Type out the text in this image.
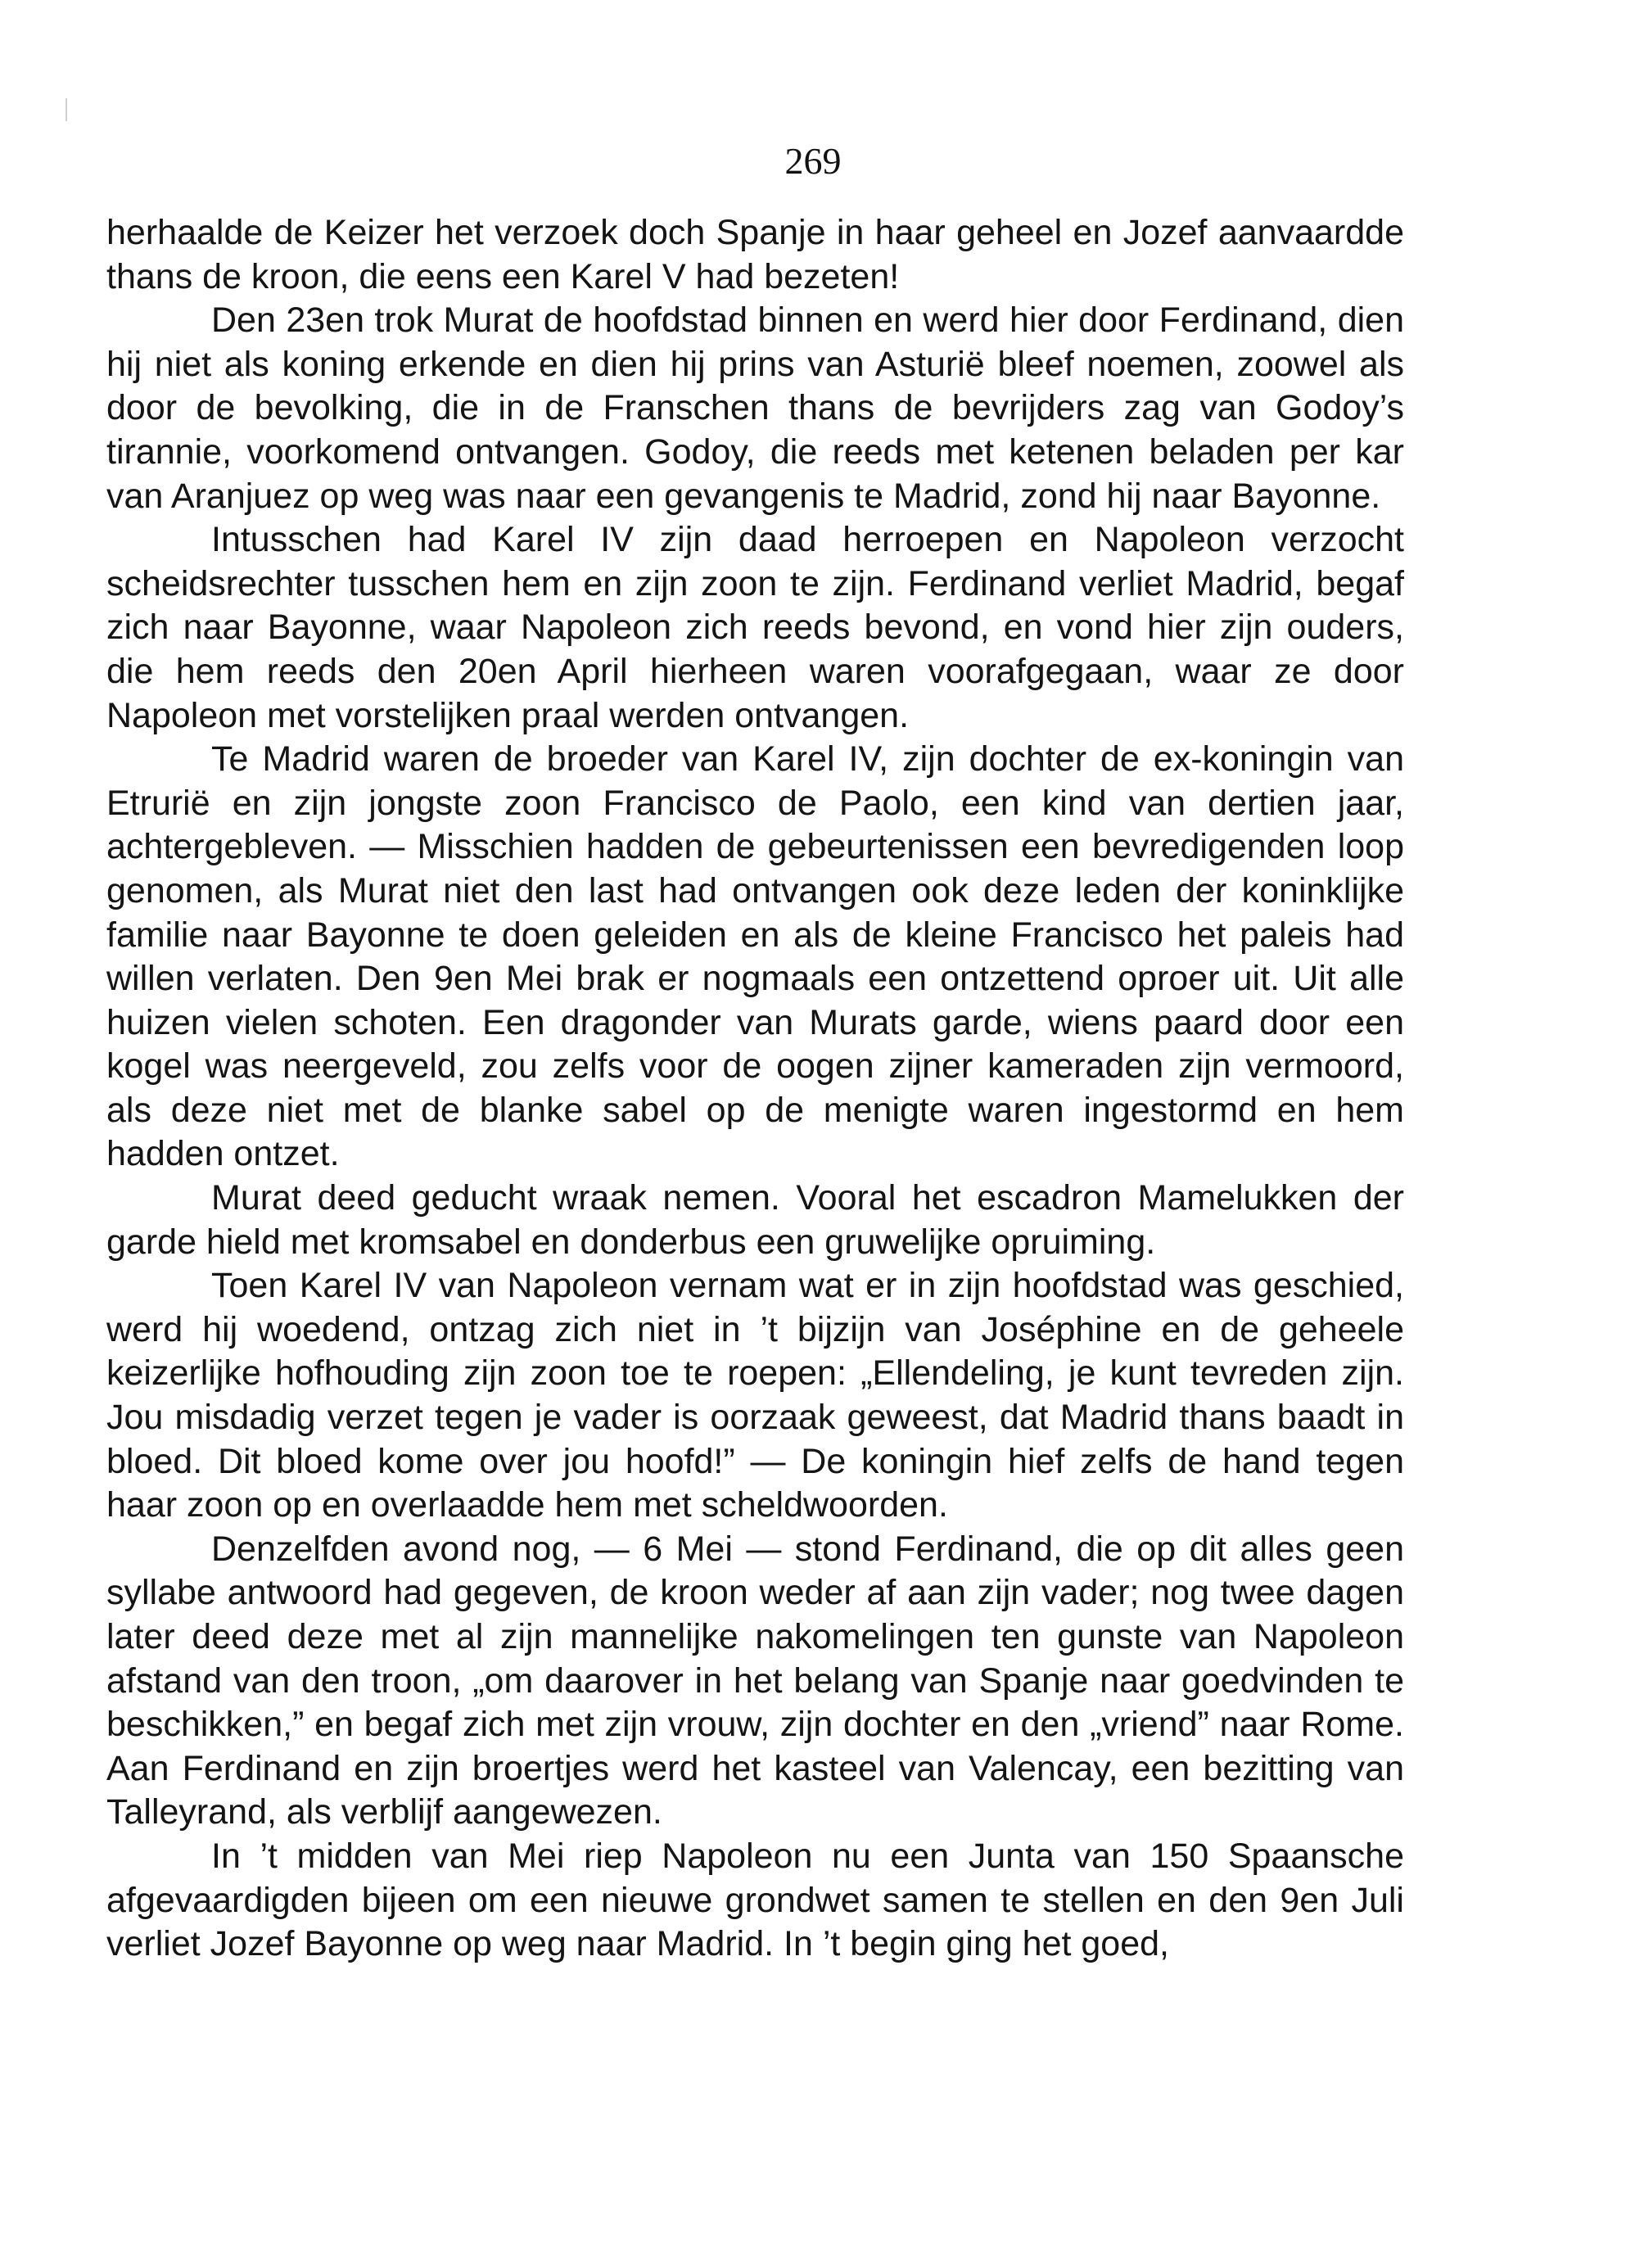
269

herhaalde de Keizer het verzoek doch Spanje in haar geheel en Jozef aanvaardde thans de kroon, die eens een Karel V had bezeten!

Den 23en trok Murat de hoofdstad binnen en werd hier door Ferdinand, dien hij niet als koning erkende en dien hij prins van Asturië bleef noemen, zoowel als door de bevolking, die in de Franschen thans de bevrijders zag van Godoy’s tirannie, voorkomend ontvangen. Godoy, die reeds met ketenen beladen per kar van Aranjuez op weg was naar een gevangenis te Madrid, zond hij naar Bayonne.

Intusschen had Karel IV zijn daad herroepen en Napoleon verzocht scheidsrechter tusschen hem en zijn zoon te zijn. Ferdinand verliet Madrid, begaf zich naar Bayonne, waar Napoleon zich reeds bevond, en vond hier zijn ouders, die hem reeds den 20en April hierheen waren voorafgegaan, waar ze door Napoleon met vorstelijken praal werden ontvangen.

Te Madrid waren de broeder van Karel IV, zijn dochter de ex-koningin van Etrurië en zijn jongste zoon Francisco de Paolo, een kind van dertien jaar, achtergebleven. — Misschien hadden de gebeurtenissen een bevredigenden loop genomen, als Murat niet den last had ontvangen ook deze leden der koninklijke familie naar Bayonne te doen geleiden en als de kleine Francisco het paleis had willen verlaten. Den 9en Mei brak er nogmaals een ontzettend oproer uit. Uit alle huizen vielen schoten. Een dragonder van Murats garde, wiens paard door een kogel was neergeveld, zou zelfs voor de oogen zijner kameraden zijn vermoord, als deze niet met de blanke sabel op de menigte waren ingestormd en hem hadden ontzet.

Murat deed geducht wraak nemen. Vooral het escadron Mamelukken der garde hield met kromsabel en donderbus een gruwelijke opruiming.

Toen Karel IV van Napoleon vernam wat er in zijn hoofdstad was geschied, werd hij woedend, ontzag zich niet in ’t bijzijn van Joséphine en de geheele keizerlijke hofhouding zijn zoon toe te roepen: „Ellendeling, je kunt tevreden zijn. Jou misdadig verzet tegen je vader is oorzaak geweest, dat Madrid thans baadt in bloed. Dit bloed kome over jou hoofd!” — De koningin hief zelfs de hand tegen haar zoon op en overlaadde hem met scheldwoorden.

Denzelfden avond nog, — 6 Mei — stond Ferdinand, die op dit alles geen syllabe antwoord had gegeven, de kroon weder af aan zijn vader; nog twee dagen later deed deze met al zijn mannelijke nakomelingen ten gunste van Napoleon afstand van den troon, „om daarover in het belang van Spanje naar goedvinden te beschikken,” en begaf zich met zijn vrouw, zijn dochter en den „vriend” naar Rome. Aan Ferdinand en zijn broertjes werd het kasteel van Valencay, een bezitting van Talleyrand, als verblijf aangewezen.

In ’t midden van Mei riep Napoleon nu een Junta van 150 Spaansche afgevaardigden bijeen om een nieuwe grondwet samen te stellen en den 9en Juli verliet Jozef Bayonne op weg naar Madrid. In ’t begin ging het goed,
